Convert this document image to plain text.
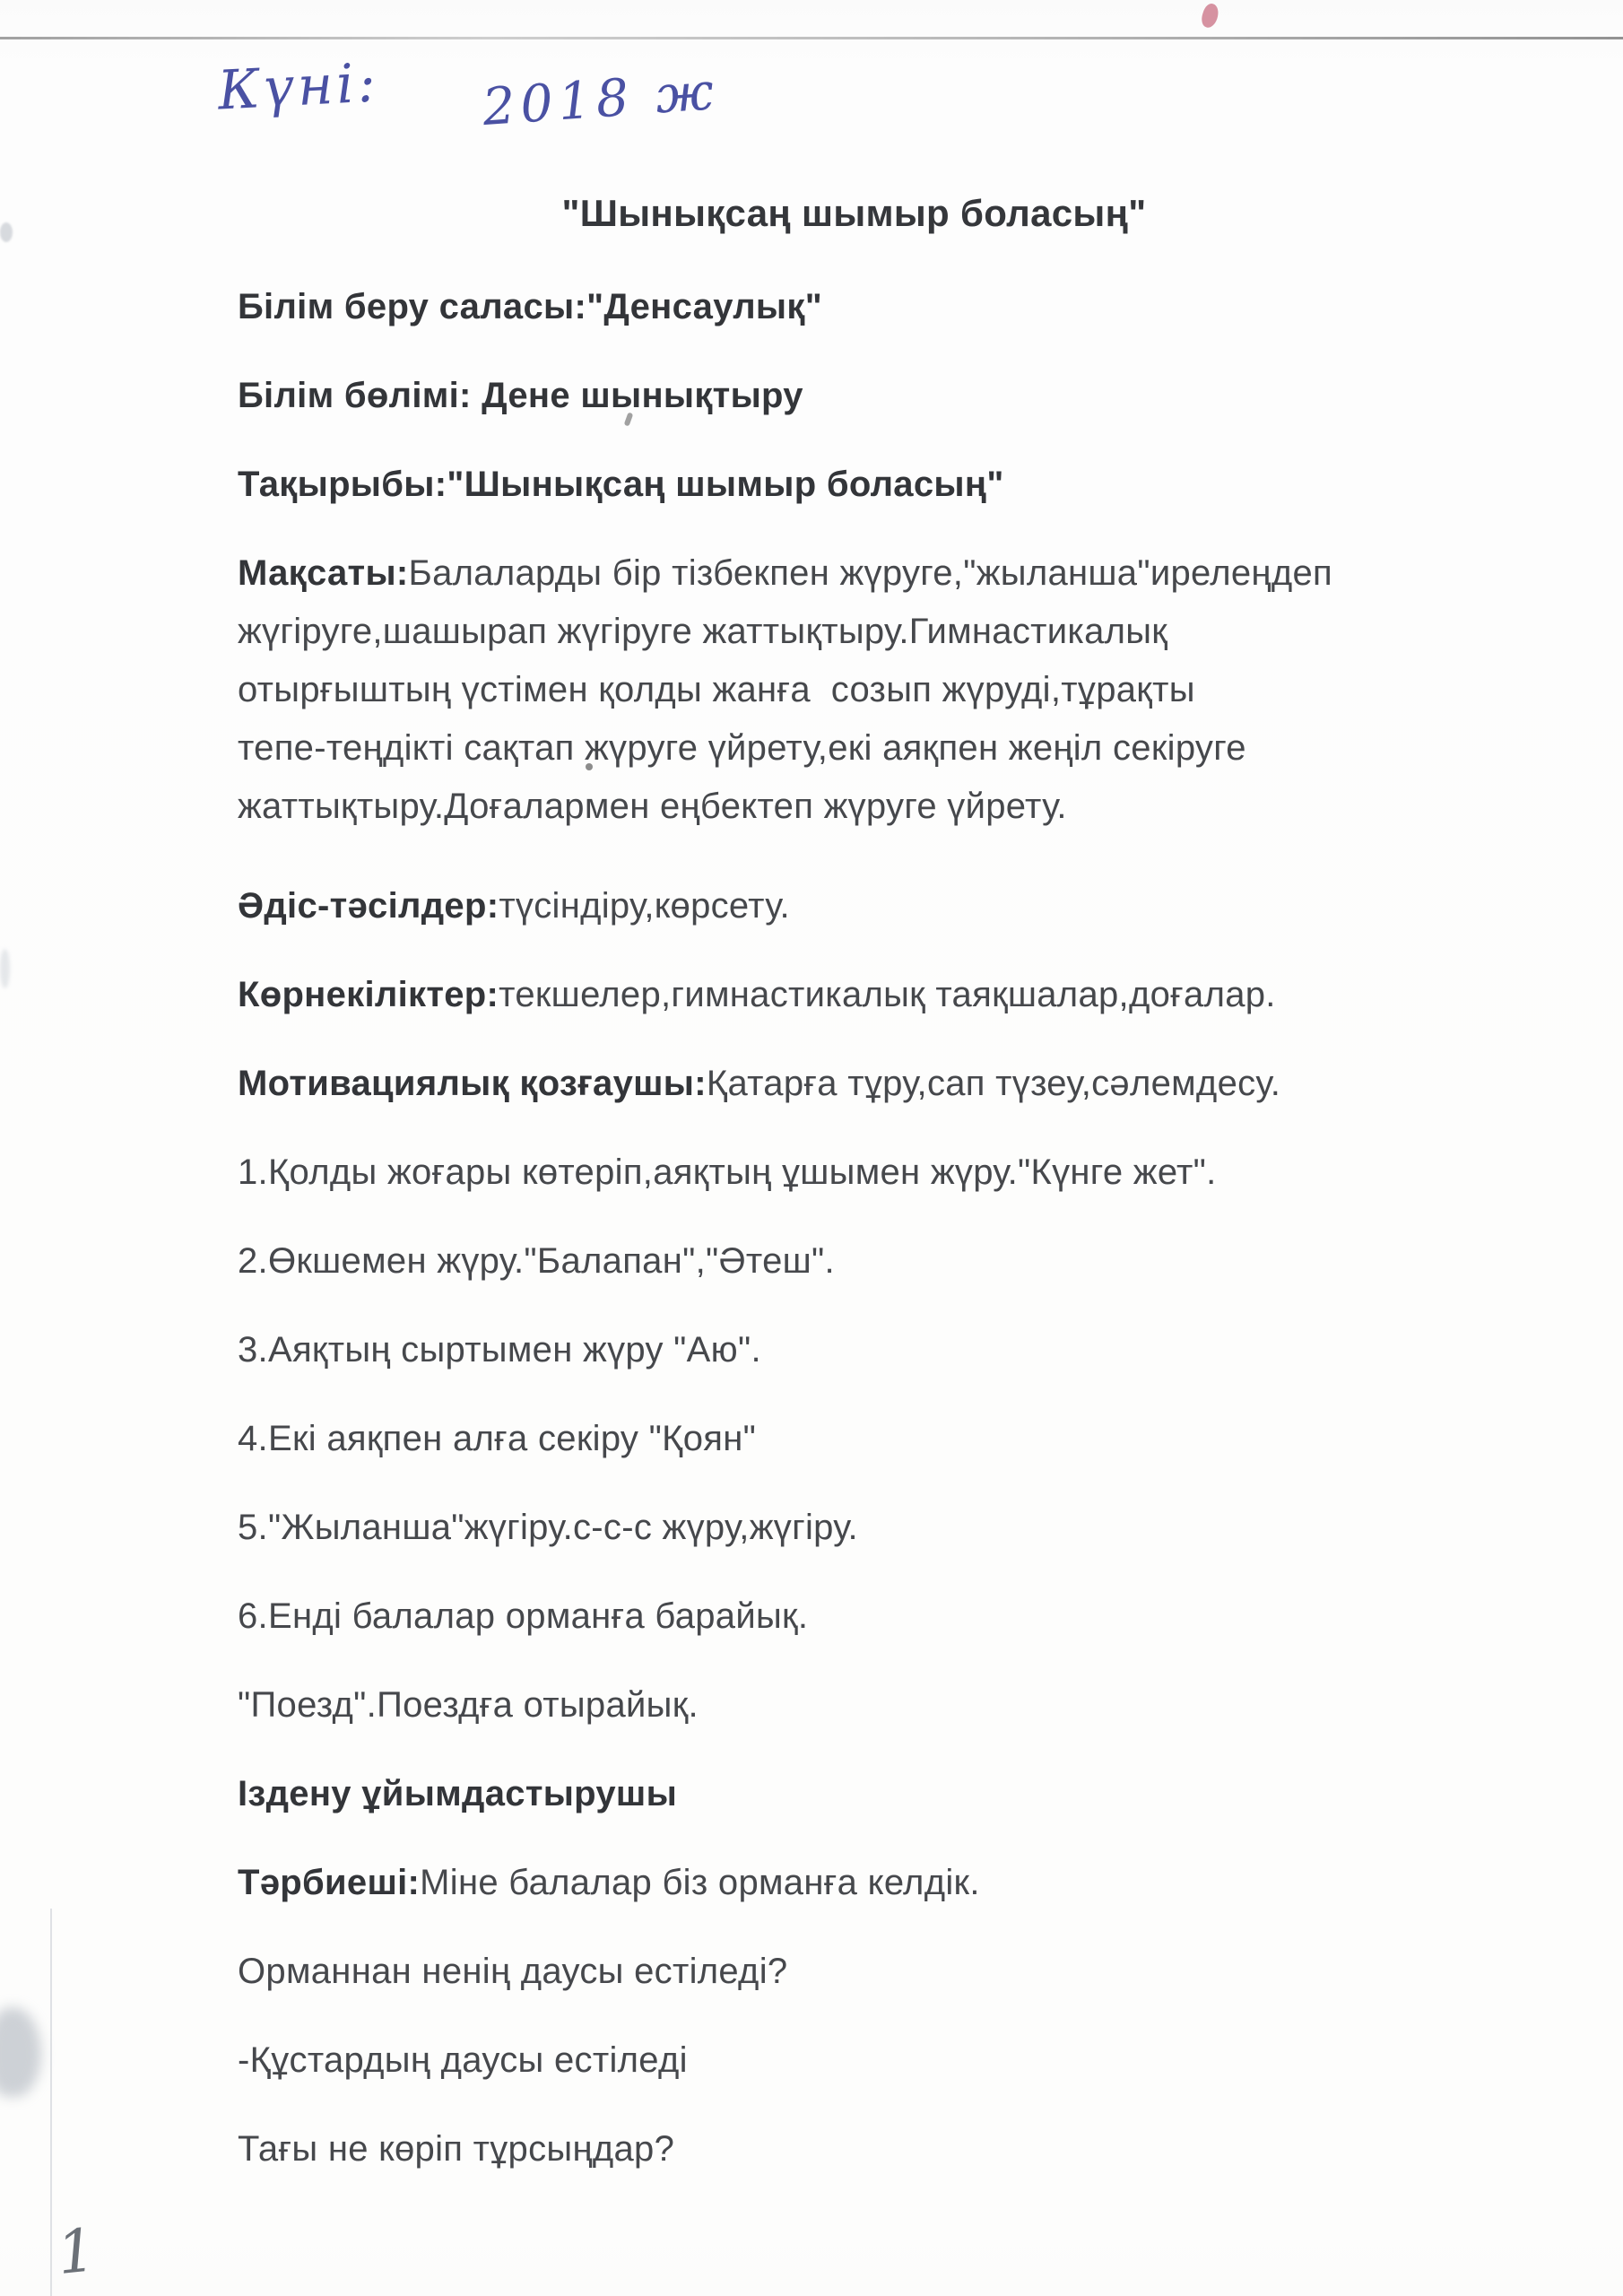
Күні: 2018 ж
"Шынықсаң шымыр боласың"
Білім беру саласы:"Денсаулық"
Білім бөлімі: Дене шынықтыру
Тақырыбы:"Шынықсаң шымыр боласың"
Мақсаты:Балаларды бір тізбекпен жүруге,"жыланша"ирелеңдеп
жүгіруге,шашырап жүгіруге жаттықтыру.Гимнастикалық
отырғыштың үстімен қолды жанға  созып жүруді,тұрақты
тепе-теңдікті сақтап жүруге үйрету,екі аяқпен жеңіл секіруге
жаттықтыру.Доғалармен еңбектеп жүруге үйрету.
Әдіс-тәсілдер:түсіндіру,көрсету.
Көрнекіліктер:текшелер,гимнастикалық таяқшалар,доғалар.
Мотивациялық қозғаушы:Қатарға тұру,сап түзеу,сәлемдесу.
1.Қолды жоғары көтеріп,аяқтың ұшымен жүру."Күнге жет".
2.Өкшемен жүру."Балапан","Әтеш".
3.Аяқтың сыртымен жүру "Аю".
4.Екі аяқпен алға секіру "Қоян"
5."Жыланша"жүгіру.с-с-с жүру,жүгіру.
6.Енді балалар орманға барайық.
"Поезд".Поездға отырайық.
Іздену ұйымдастырушы
Тәрбиеші:Міне балалар біз орманға келдік.
Орманнан ненің даусы естіледі?
-Құстардың даусы естіледі
Тағы не көріп тұрсыңдар?
1
